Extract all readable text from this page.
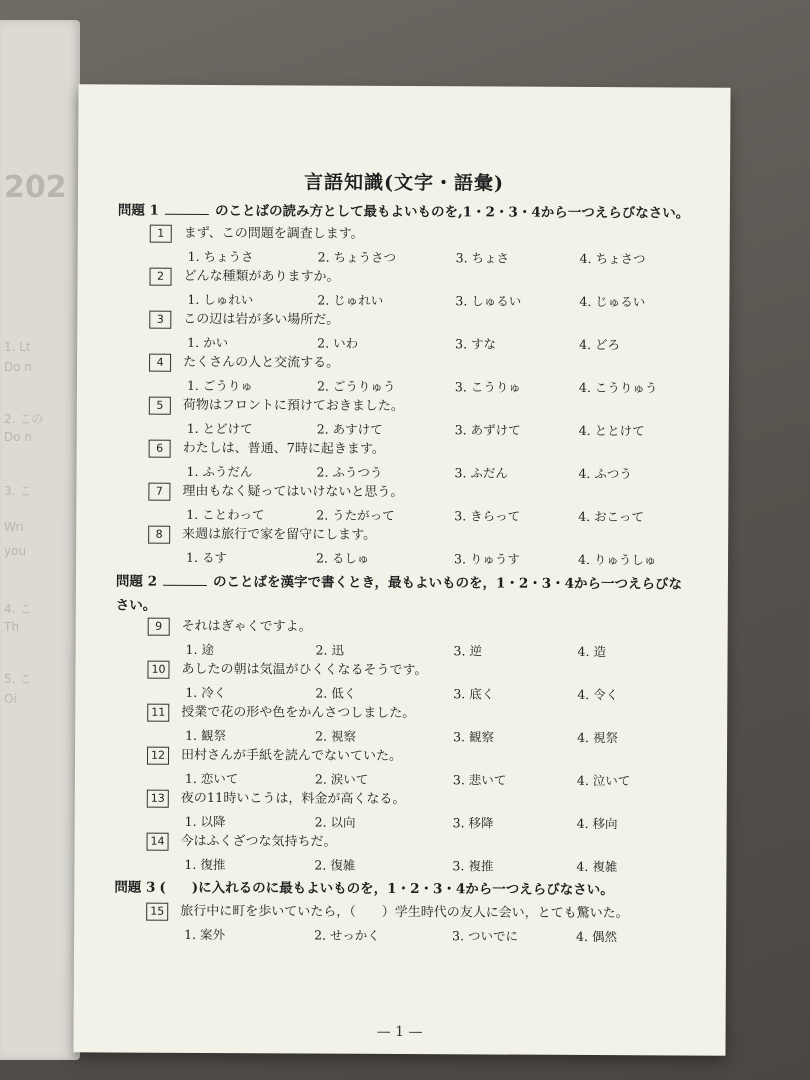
202
1. Lt
Do n
2. この
Do n
3. こ
Wri
you
4. こ
Th
5. こ
Oi
言語知識(文字・語彙)
問題 1	のことばの読み方として最もよいものを,1・2・3・4から一つえらびなさい。
1 まず、この問題を調査します。
1. ちょうさ	2. ちょうさつ	3. ちょさ	4. ちょさつ
2 どんな種類がありますか。
1. しゅれい	2. じゅれい	3. しゅるい	4. じゅるい
3 この辺は岩が多い場所だ。
1. かい	2. いわ	3. すな	4. どろ
4 たくさんの人と交流する。
1. ごうりゅ	2. ごうりゅう	3. こうりゅ	4. こうりゅう
5 荷物はフロントに預けておきました。
1. とどけて	2. あすけて	3. あずけて	4. ととけて
6 わたしは、普通、7時に起きます。
1. ふうだん	2. ふうつう	3. ふだん	4. ふつう
7 理由もなく疑ってはいけないと思う。
1. ことわって	2. うたがって	3. きらって	4. おこって
8 来週は旅行で家を留守にします。
1. るす	2. るしゅ	3. りゅうす	4. りゅうしゅ
問題 2	のことばを漢字で書くとき，最もよいものを，1・2・3・4から一つえらびな
さい。
9 それはぎゃくですよ。
1. 途	2. 迅	3. 逆	4. 造
10 あしたの朝は気温がひくくなるそうです。
1. 冷く	2. 低く	3. 底く	4. 令く
11 授業で花の形や色をかんさつしました。
1. 観祭	2. 視察	3. 観察	4. 視祭
12 田村さんが手紙を読んでないていた。
1. 恋いて	2. 涙いて	3. 悲いて	4. 泣いて
13 夜の11時いこうは，料金が高くなる。
1. 以降	2. 以向	3. 移降	4. 移向
14 今はふくざつな気持ちだ。
1. 復推	2. 復雑	3. 複推	4. 複雑
問題 3 ( )に入れるのに最もよいものを，1・2・3・4から一つえらびなさい。
15 旅行中に町を歩いていたら，（　　）学生時代の友人に会い，とても驚いた。
1. 案外	2. せっかく	3. ついでに	4. 偶然
— 1 —
